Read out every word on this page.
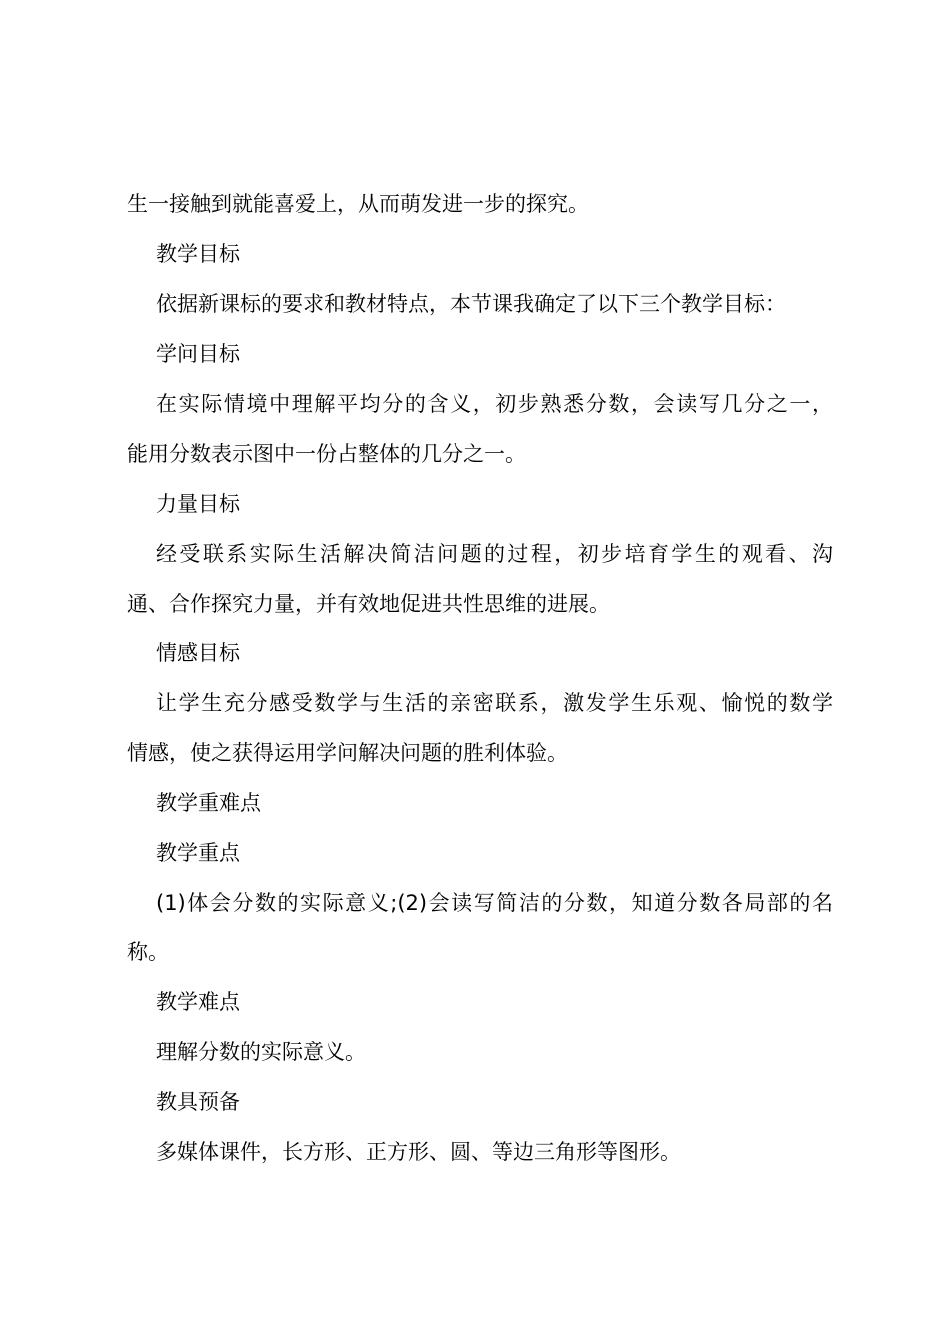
生一接触到就能喜爱上，从而萌发进一步的探究。

教学目标

依据新课标的要求和教材特点，本节课我确定了以下三个教学目标：

学问目标

在实际情境中理解平均分的含义，初步熟悉分数，会读写几分之一，

能用分数表示图中一份占整体的几分之一。

力量目标

经受联系实际生活解决简洁问题的过程，初步培育学生的观看、沟

通、合作探究力量，并有效地促进共性思维的进展。

情感目标

让学生充分感受数学与生活的亲密联系，激发学生乐观、愉悦的数学

情感，使之获得运用学问解决问题的胜利体验。

教学重难点

教学重点

(1)体会分数的实际意义;(2)会读写简洁的分数，知道分数各局部的名

称。

教学难点

理解分数的实际意义。

教具预备

多媒体课件，长方形、正方形、圆、等边三角形等图形。
